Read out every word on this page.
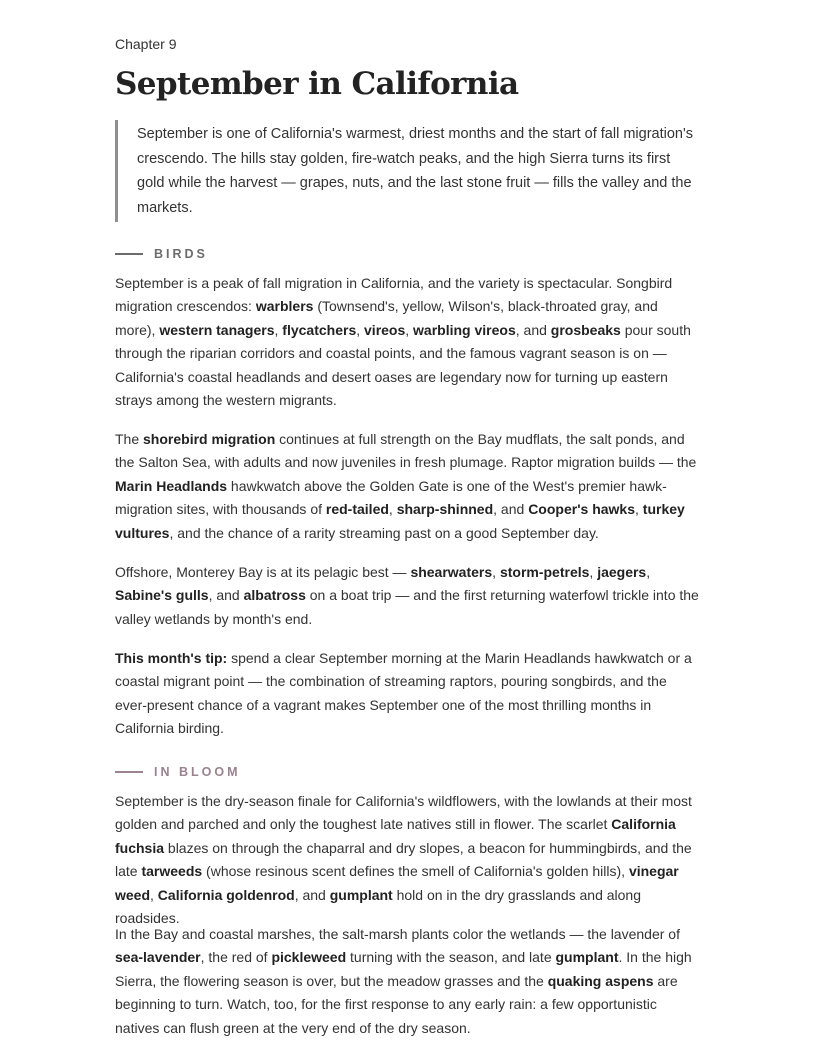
Chapter 9
September in California
September is one of California's warmest, driest months and the start of fall migration's crescendo. The hills stay golden, fire-watch peaks, and the high Sierra turns its first gold while the harvest — grapes, nuts, and the last stone fruit — fills the valley and the markets.
BIRDS

September is a peak of fall migration in California, and the variety is spectacular. Songbird migration crescendos: warblers (Townsend's, yellow, Wilson's, black-throated gray, and more), western tanagers, flycatchers, vireos, warbling vireos, and grosbeaks pour south through the riparian corridors and coastal points, and the famous vagrant season is on — California's coastal headlands and desert oases are legendary now for turning up eastern strays among the western migrants.

The shorebird migration continues at full strength on the Bay mudflats, the salt ponds, and the Salton Sea, with adults and now juveniles in fresh plumage. Raptor migration builds — the Marin Headlands hawkwatch above the Golden Gate is one of the West's premier hawk-migration sites, with thousands of red-tailed, sharp-shinned, and Cooper's hawks, turkey vultures, and the chance of a rarity streaming past on a good September day.

Offshore, Monterey Bay is at its pelagic best — shearwaters, storm-petrels, jaegers, Sabine's gulls, and albatross on a boat trip — and the first returning waterfowl trickle into the valley wetlands by month's end.

This month's tip: spend a clear September morning at the Marin Headlands hawkwatch or a coastal migrant point — the combination of streaming raptors, pouring songbirds, and the ever-present chance of a vagrant makes September one of the most thrilling months in California birding.

IN BLOOM

September is the dry-season finale for California's wildflowers, with the lowlands at their most golden and parched and only the toughest late natives still in flower. The scarlet California fuchsia blazes on through the chaparral and dry slopes, a beacon for hummingbirds, and the late tarweeds (whose resinous scent defines the smell of California's golden hills), vinegar weed, California goldenrod, and gumplant hold on in the dry grasslands and along roadsides.

In the Bay and coastal marshes, the salt-marsh plants color the wetlands — the lavender of sea-lavender, the red of pickleweed turning with the season, and late gumplant. In the high Sierra, the flowering season is over, but the meadow grasses and the quaking aspens are beginning to turn. Watch, too, for the first response to any early rain: a few opportunistic natives can flush green at the very end of the dry season.
